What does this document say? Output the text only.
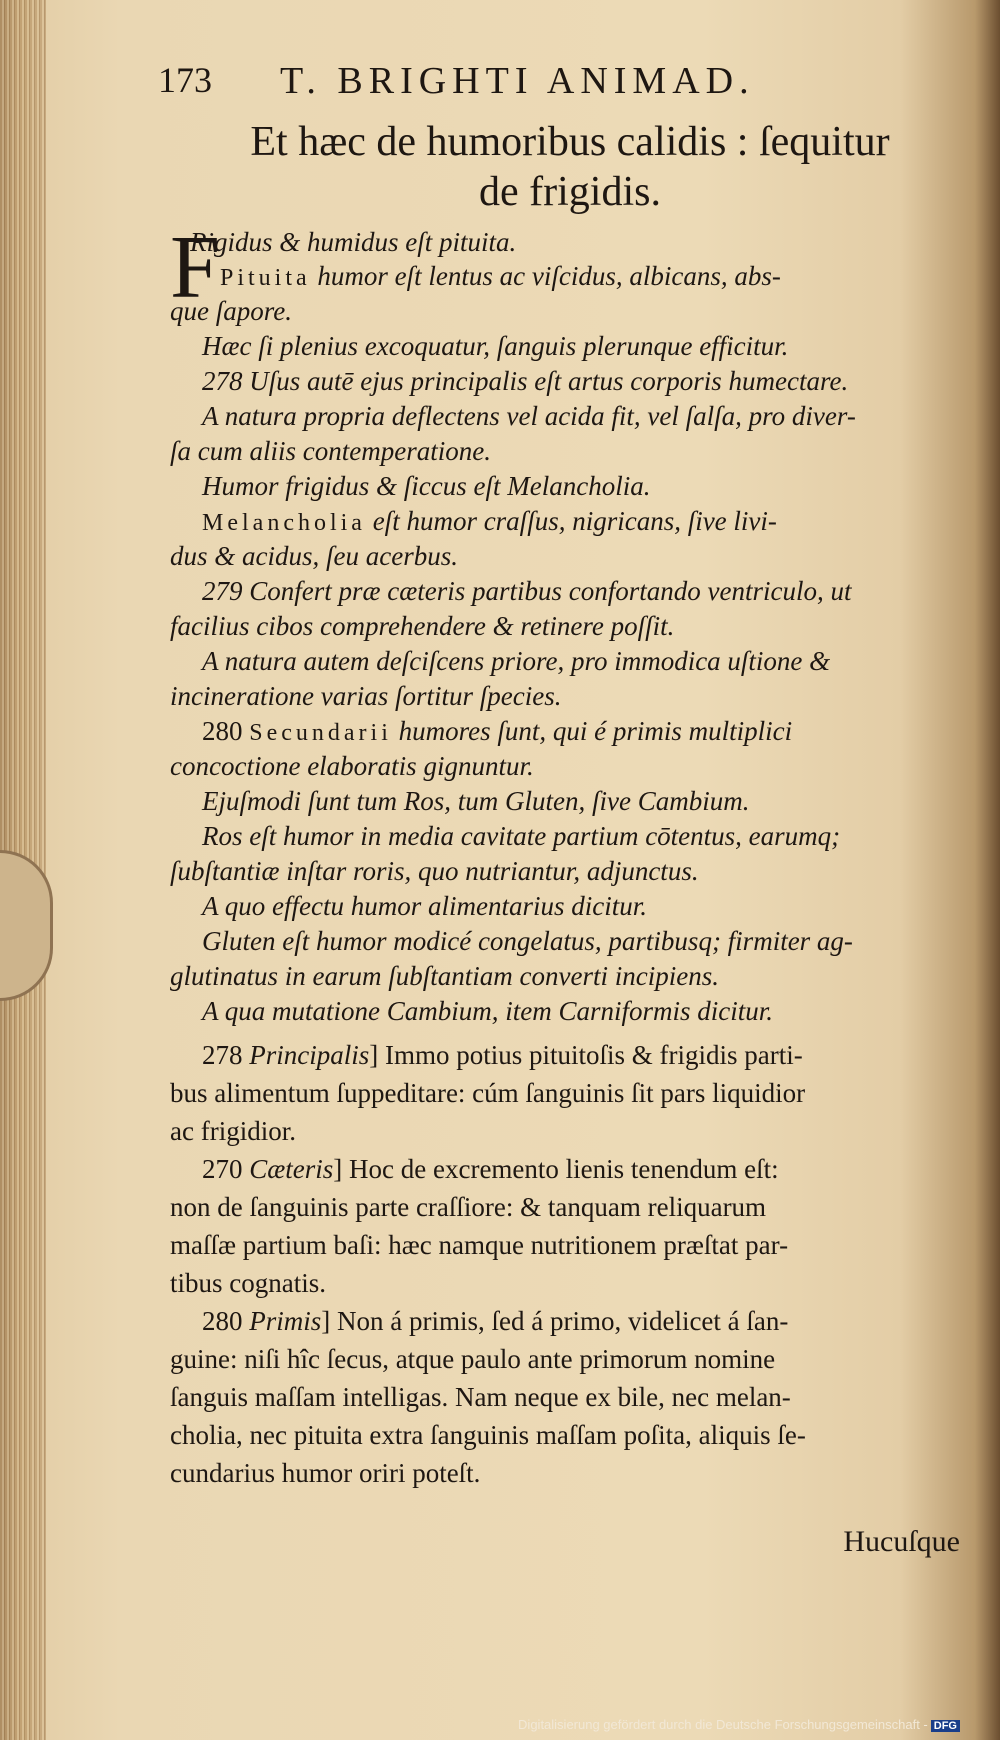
173 T. BRIGHTI ANIMAD.
Et hæc de humoribus calidis : ſequitur
de frigidis.
F
Rigidus & humidus eſt pituita.
Pituita humor eſt lentus ac viſcidus, albicans, abs-
que ſapore.
Hæc ſi plenius excoquatur, ſanguis plerunque efficitur.
278 Uſus autē ejus principalis eſt artus corporis humectare.
A natura propria deflectens vel acida fit, vel ſalſa, pro diver-
ſa cum aliis contemperatione.
Humor frigidus & ſiccus eſt Melancholia.
Melancholia eſt humor craſſus, nigricans, ſive livi-
dus & acidus, ſeu acerbus.
279 Confert præ cæteris partibus confortando ventriculo, ut
facilius cibos comprehendere & retinere poſſit.
A natura autem deſciſcens priore, pro immodica uſtione &
incineratione varias ſortitur ſpecies.
280 Secundarii humores ſunt, qui é primis multiplici
concoctione elaboratis gignuntur.
Ejuſmodi ſunt tum Ros, tum Gluten, ſive Cambium.
Ros eſt humor in media cavitate partium cōtentus, earumq;
ſubſtantiæ inſtar roris, quo nutriantur, adjunctus.
A quo effectu humor alimentarius dicitur.
Gluten eſt humor modicé congelatus, partibusq; firmiter ag-
glutinatus in earum ſubſtantiam converti incipiens.
A qua mutatione Cambium, item Carniformis dicitur.
278 Principalis] Immo potius pituitoſis & frigidis parti-
bus alimentum ſuppeditare: cúm ſanguinis ſit pars liquidior
ac frigidior.
270 Cæteris] Hoc de excremento lienis tenendum eſt:
non de ſanguinis parte craſſiore: & tanquam reliquarum
maſſæ partium baſi: hæc namque nutritionem præſtat par-
tibus cognatis.
280 Primis] Non á primis, ſed á primo, videlicet á ſan-
guine: niſi hîc ſecus, atque paulo ante primorum nomine
ſanguis maſſam intelligas. Nam neque ex bile, nec melan-
cholia, nec pituita extra ſanguinis maſſam poſita, aliquis ſe-
cundarius humor oriri poteſt.
Hucuſque
Digitalisierung gefördert durch die Deutsche Forschungsgemeinschaft - DFG
